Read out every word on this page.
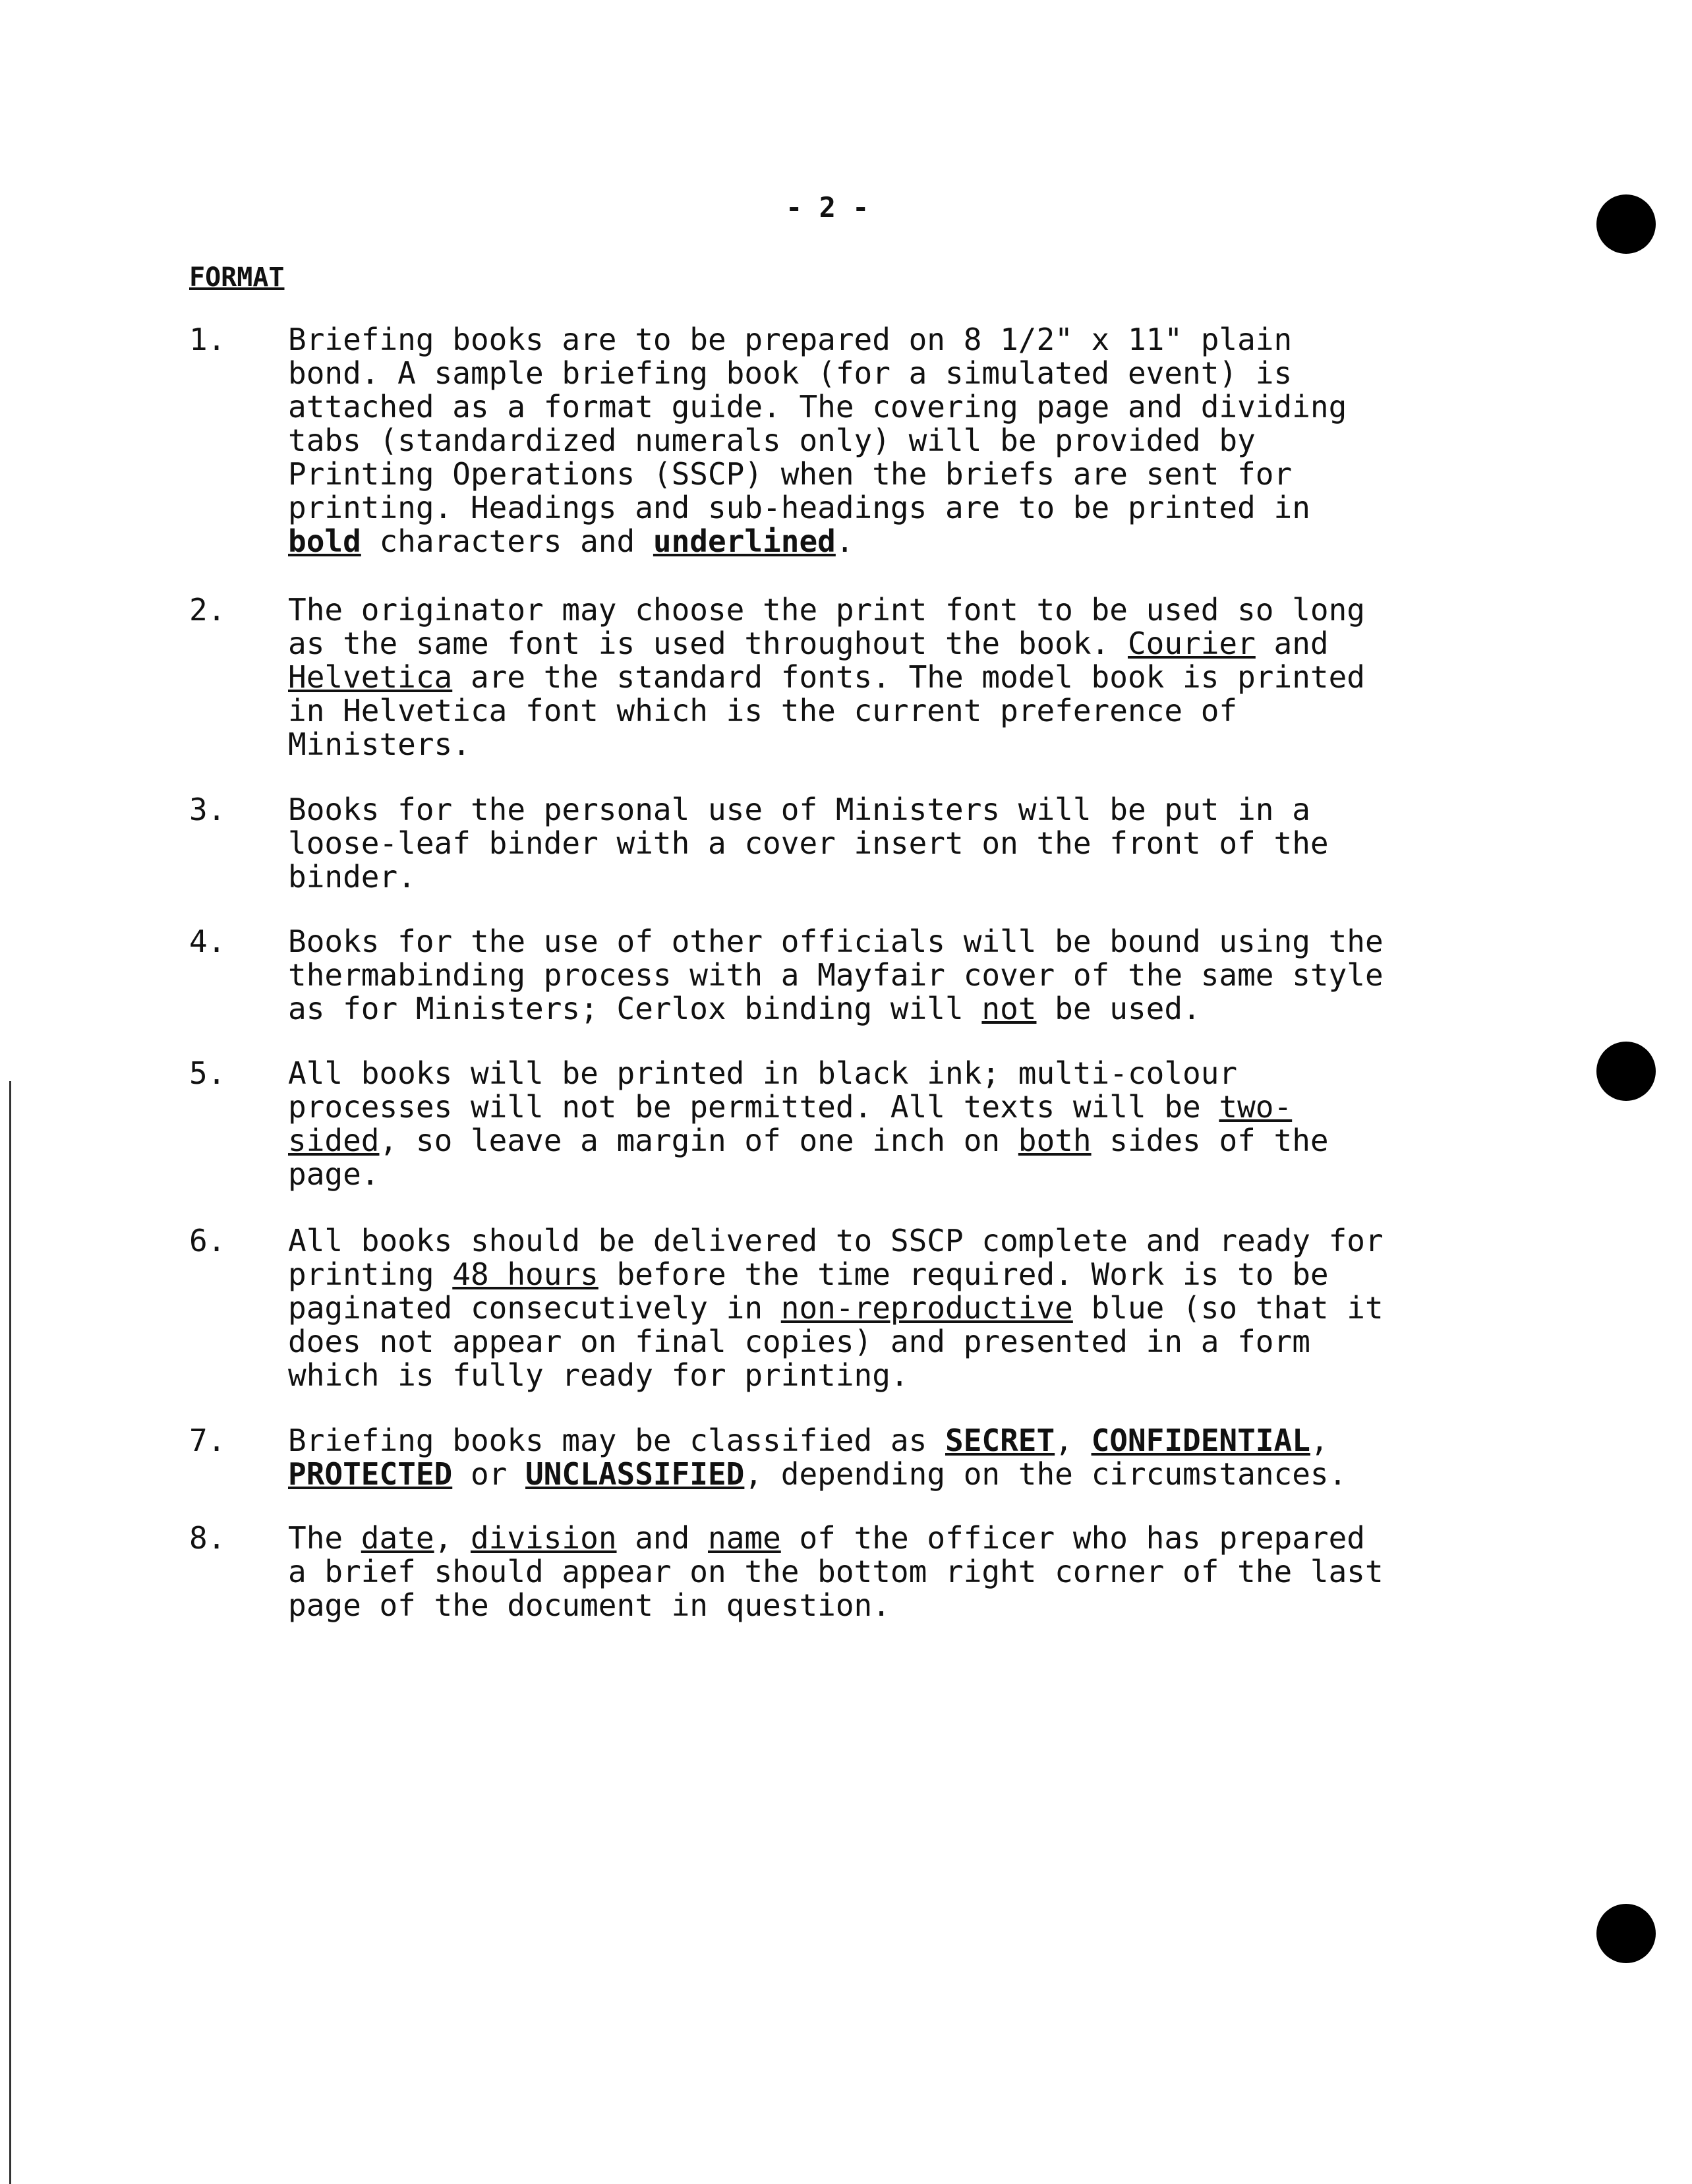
- 2 -
FORMAT
1.	Briefing books are to be prepared on 8 1/2" x 11" plain
bond. A sample briefing book (for a simulated event) is
attached as a format guide. The covering page and dividing
tabs (standardized numerals only) will be provided by
Printing Operations (SSCP) when the briefs are sent for
printing. Headings and sub-headings are to be printed in
bold characters and underlined.
2.	The originator may choose the print font to be used so long
as the same font is used throughout the book. Courier and
Helvetica are the standard fonts. The model book is printed
in Helvetica font which is the current preference of
Ministers.
3.	Books for the personal use of Ministers will be put in a
loose-leaf binder with a cover insert on the front of the
binder.
4.	Books for the use of other officials will be bound using the
thermabinding process with a Mayfair cover of the same style
as for Ministers; Cerlox binding will not be used.
5.	All books will be printed in black ink; multi-colour
processes will not be permitted. All texts will be two-
sided, so leave a margin of one inch on both sides of the
page.
6.	All books should be delivered to SSCP complete and ready for
printing 48 hours before the time required. Work is to be
paginated consecutively in non-reproductive blue (so that it
does not appear on final copies) and presented in a form
which is fully ready for printing.
7.	Briefing books may be classified as SECRET, CONFIDENTIAL,
PROTECTED or UNCLASSIFIED, depending on the circumstances.
8.	The date, division and name of the officer who has prepared
a brief should appear on the bottom right corner of the last
page of the document in question.
